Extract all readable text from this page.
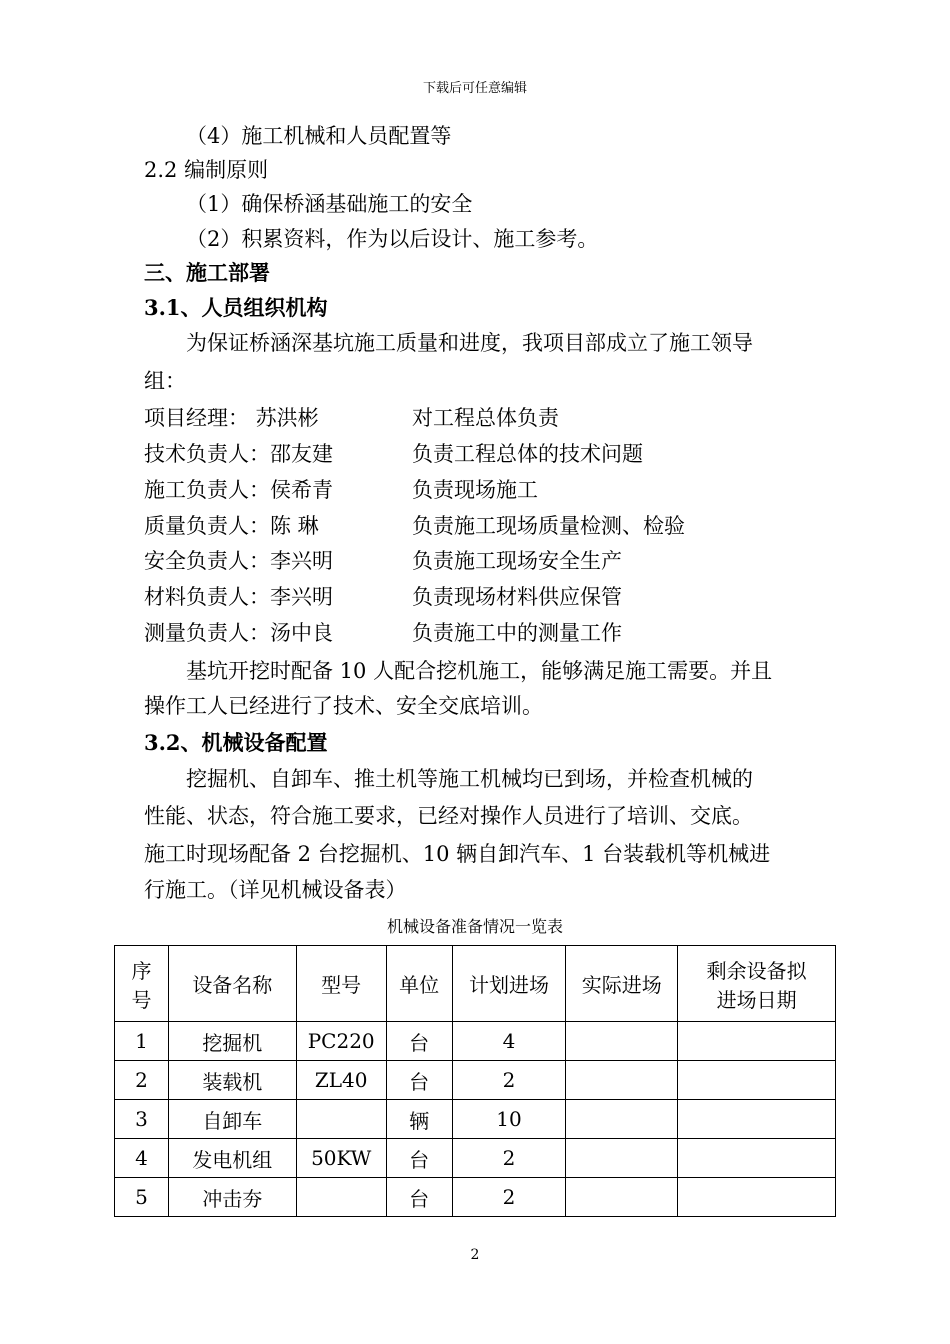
下载后可任意编辑
（4）施工机械和人员配置等
2.2 编制原则
（1）确保桥涵基础施工的安全
（2）积累资料，作为以后设计、施工参考。
三、施工部署
3.1、人员组织机构
为保证桥涵深基坑施工质量和进度，我项目部成立了施工领导
组：
项目经理： 苏洪彬	对工程总体负责
技术负责人：邵友建	负责工程总体的技术问题
施工负责人：侯希青	负责现场施工
质量负责人：陈 琳	负责施工现场质量检测、检验
安全负责人：李兴明	负责施工现场安全生产
材料负责人：李兴明	负责现场材料供应保管
测量负责人：汤中良	负责施工中的测量工作
基坑开挖时配备 10 人配合挖机施工，能够满足施工需要。并且
操作工人已经进行了技术、安全交底培训。
3.2、机械设备配置
挖掘机、自卸车、推土机等施工机械均已到场，并检查机械的
性能、状态，符合施工要求，已经对操作人员进行了培训、交底。
施工时现场配备 2 台挖掘机、10 辆自卸汽车、1 台装载机等机械进
行施工。（详见机械设备表）
机械设备准备情况一览表
序
号	设备名称	型号	单位	计划进场	实际进场	剩余设备拟
进场日期
1	挖掘机	PC220	台	4		
2	装载机	ZL40	台	2		
3	自卸车		辆	10		
4	发电机组	50KW	台	2		
5	冲击夯		台	2		
2
